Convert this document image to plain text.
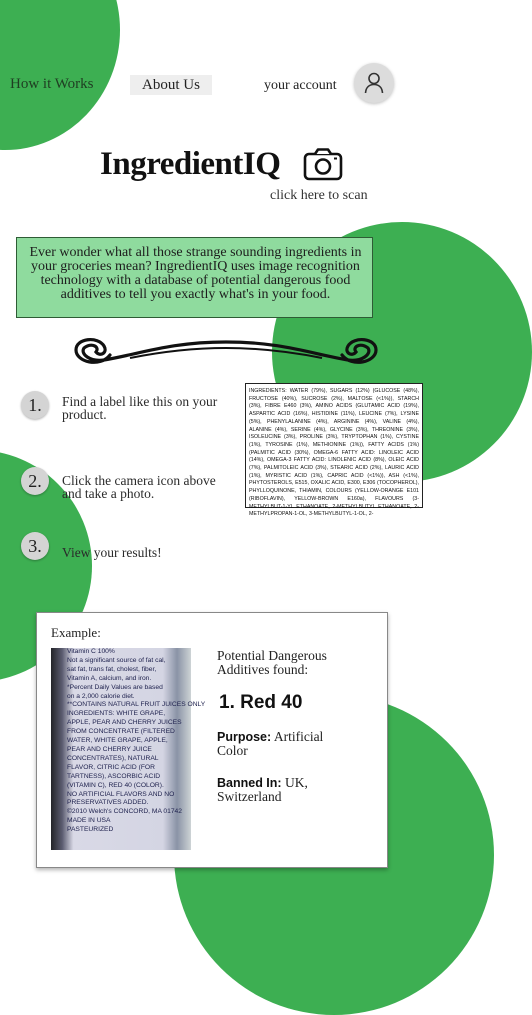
How it Works	About Us	your account
IngredientIQ
click here to scan

Ever wonder what all those strange sounding ingredients in your groceries mean? IngredientIQ uses image recognition technology with a database of potential dangerous food additives to tell you exactly what's in your food.

1.	Find a label like this on your product.
2.	Click the camera icon above and take a photo.
3.	View your results!

INGREDIENTS: WATER (79%), SUGARS (12%) (GLUCOSE (48%), FRUCTOSE (40%), SUCROSE (2%), MALTOSE (<1%)), STARCH (3%), FIBRE E460 (3%), AMINO ACIDS (GLUTAMIC ACID (19%), ASPARTIC ACID (16%), HISTIDINE (11%), LEUCINE (7%), LYSINE (5%), PHENYLALANINE (4%), ARGININE (4%), VALINE (4%), ALANINE (4%), SERINE (4%), GLYCINE (3%), THREONINE (3%), ISOLEUCINE (3%), PROLINE (3%), TRYPTOPHAN (1%), CYSTINE (1%), TYROSINE (1%), METHIONINE (1%)), FATTY ACIDS (1%) (PALMITIC ACID (30%), OMEGA-6 FATTY ACID: LINOLEIC ACID (14%), OMEGA-3 FATTY ACID: LINOLENIC ACID (8%), OLEIC ACID (7%), PALMITOLEIC ACID (3%), STEARIC ACID (2%), LAURIC ACID (1%), MYRISTIC ACID (1%), CAPRIC ACID (<1%)), ASH (<1%), PHYTOSTEROLS, E515, OXALIC ACID, E300, E306 (TOCOPHEROL), PHYLLOQUINONE, THIAMIN, COLOURS (YELLOW-ORANGE E101 (RIBOFLAVIN), YELLOW-BROWN E160a), FLAVOURS (3-METHYLBUT-1-YL ETHANOATE, 2-METHYLBUTYL ETHANOATE, 2-METHYLPROPAN-1-OL, 3-METHYLBUTYL-1-OL, 2-

Example:
Vitamin C 100%
Not a significant source of fat cal,
sat fat, trans fat, cholest, fiber,
Vitamin A, calcium, and iron.
*Percent Daily Values are based
on a 2,000 calorie diet.
**CONTAINS NATURAL FRUIT JUICES ONLY
INGREDIENTS: WHITE GRAPE,
APPLE, PEAR AND CHERRY JUICES
FROM CONCENTRATE (FILTERED
WATER, WHITE GRAPE, APPLE,
PEAR AND CHERRY JUICE
CONCENTRATES), NATURAL
FLAVOR, CITRIC ACID (FOR
TARTNESS), ASCORBIC ACID
(VITAMIN C), RED 40 (COLOR).
NO ARTIFICIAL FLAVORS AND NO
PRESERVATIVES ADDED.
©2010 Welch's CONCORD, MA 01742
MADE IN USA
PASTEURIZED
Potential Dangerous Additives found:
1. Red 40
Purpose: Artificial Color
Banned In: UK, Switzerland
